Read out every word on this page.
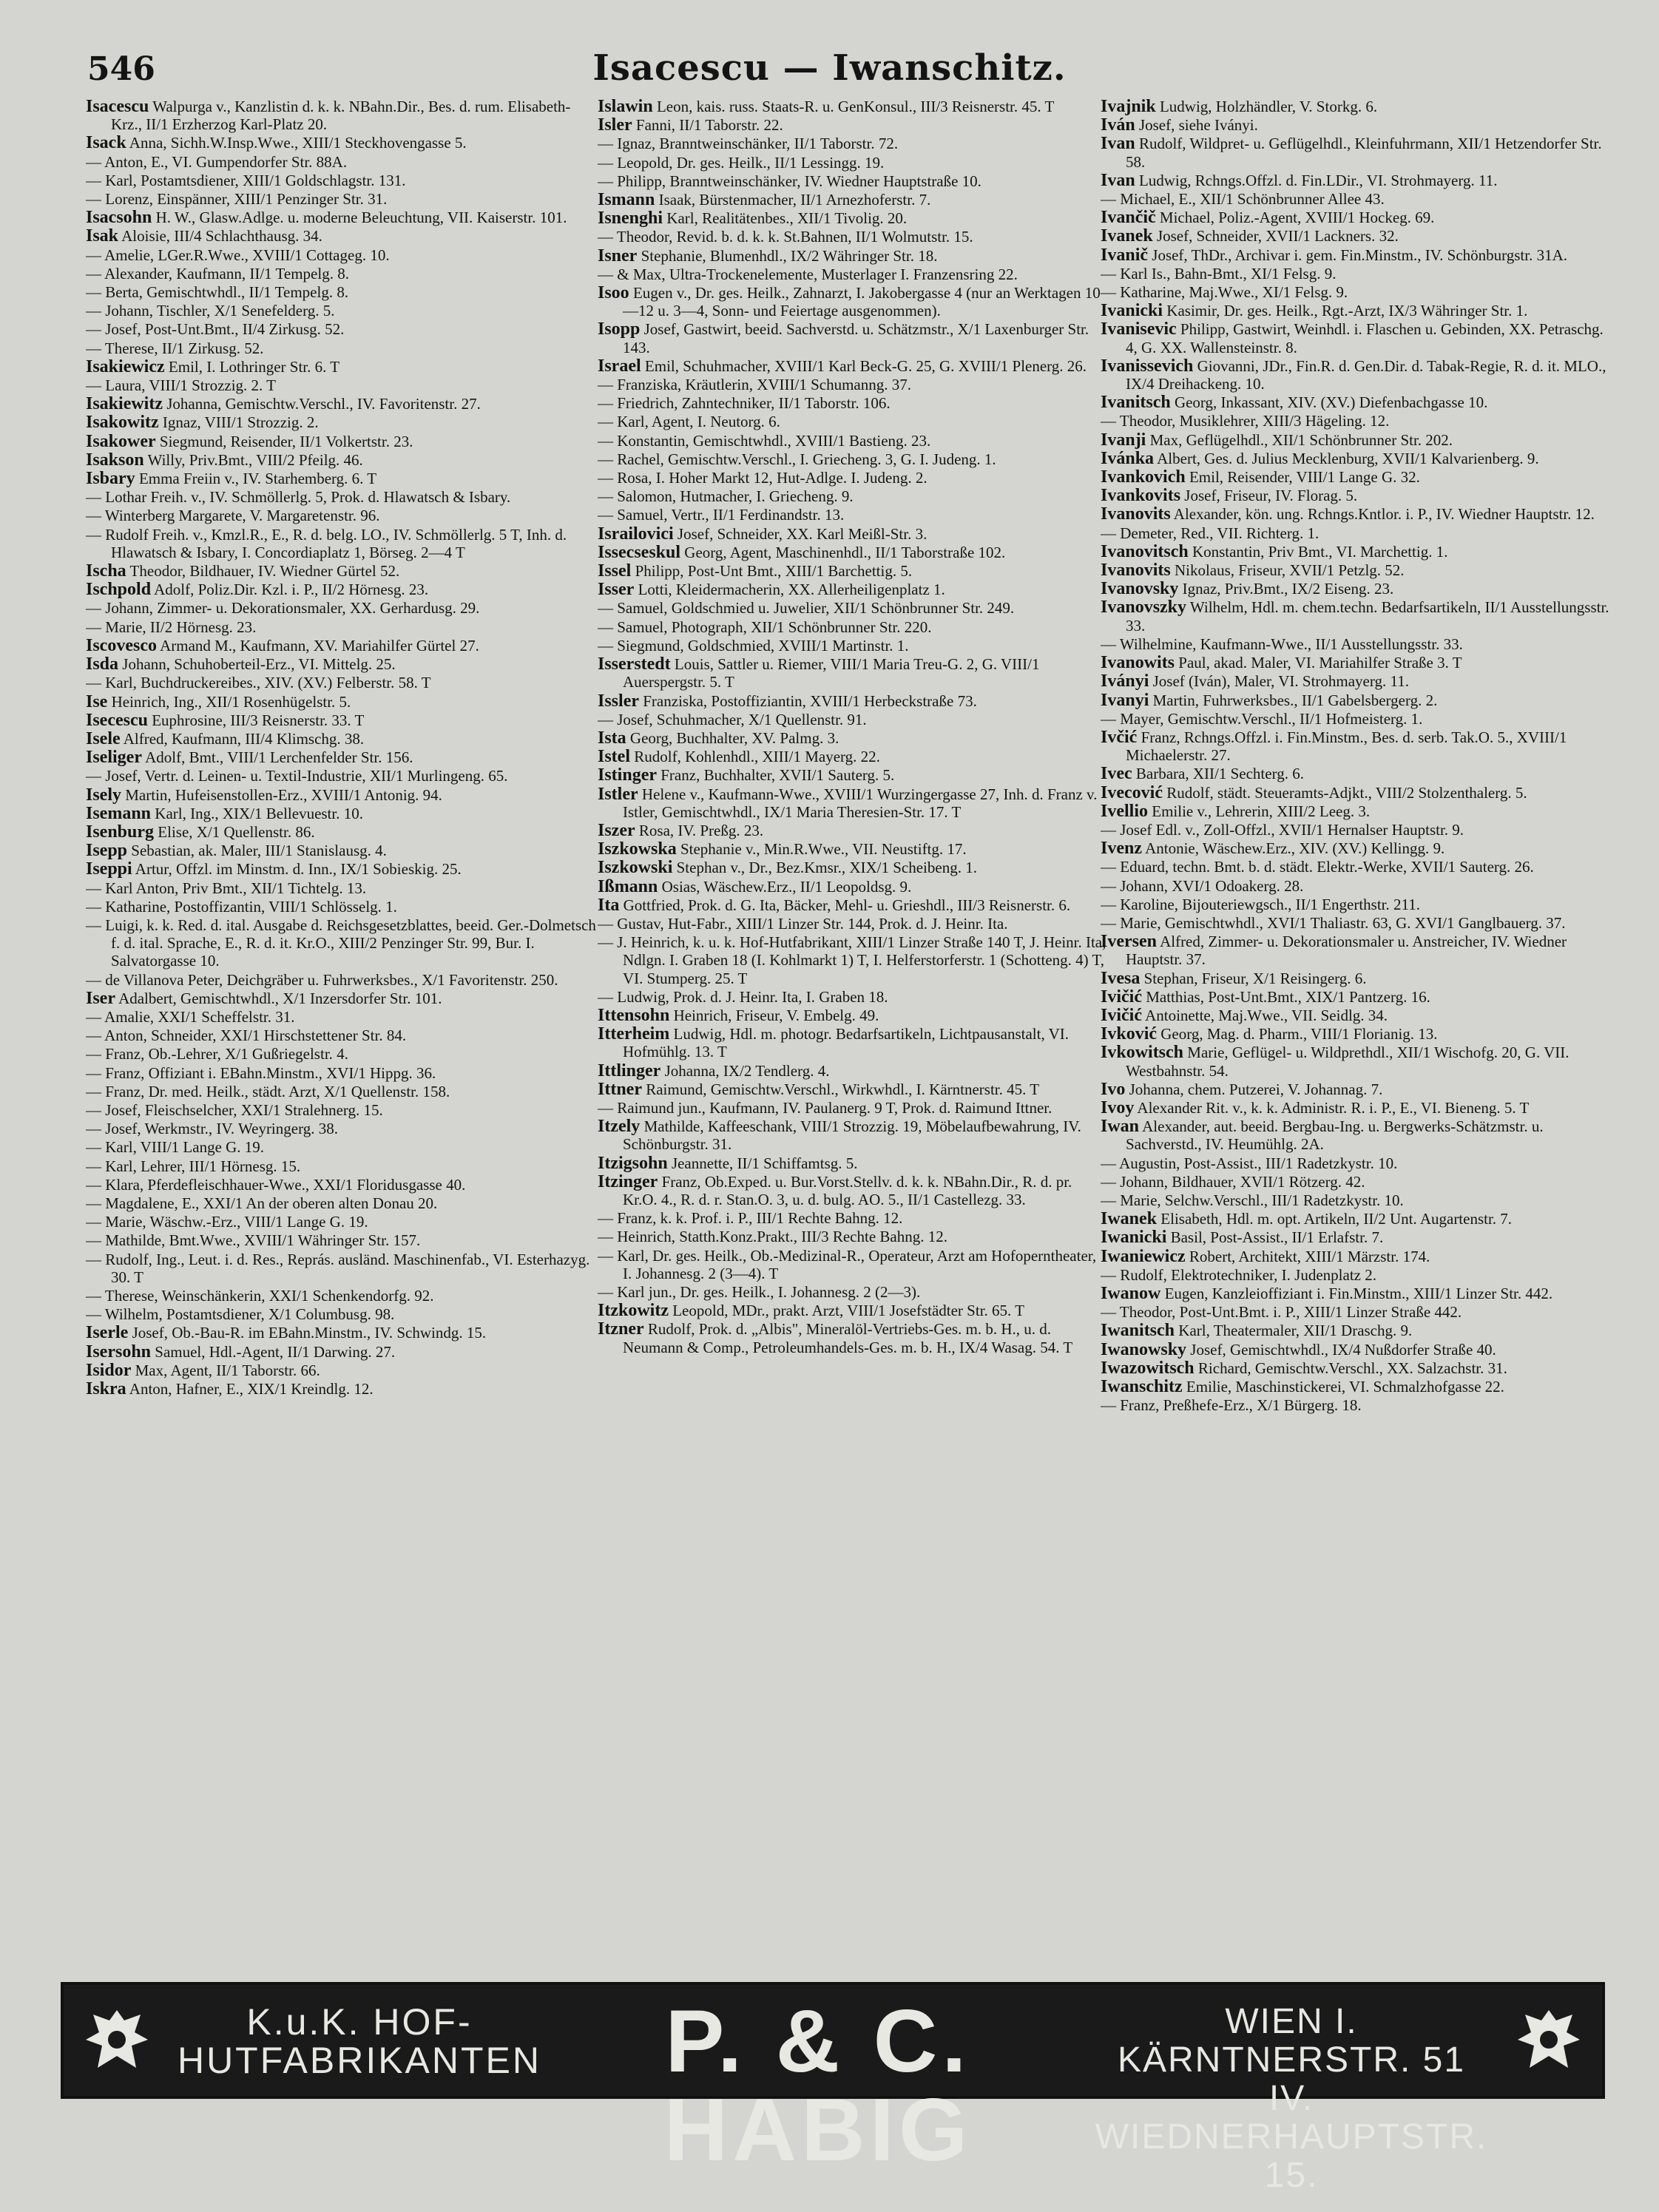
546	Isacescu — Iwanschitz.
Isacescu Walpurga v., Kanzlistin d. k. k. NBahn.Dir., Bes. d. rum. Elisabeth-Krz., II/1 Erzherzog Karl-Platz 20.
Isack Anna, Sichh.W.Insp.Wwe., XIII/1 Steckhovengasse 5.
— Anton, E., VI. Gumpendorfer Str. 88A.
— Karl, Postamtsdiener, XIII/1 Goldschlagstr. 131.
— Lorenz, Einspänner, XIII/1 Penzinger Str. 31.
Isacsohn H. W., Glasw.Adlge. u. moderne Beleuchtung, VII. Kaiserstr. 101.
Isak Aloisie, III/4 Schlachthausg. 34.
— Amelie, LGer.R.Wwe., XVIII/1 Cottageg. 10.
— Alexander, Kaufmann, II/1 Tempelg. 8.
— Berta, Gemischtwhdl., II/1 Tempelg. 8.
— Johann, Tischler, X/1 Senefelderg. 5.
— Josef, Post-Unt.Bmt., II/4 Zirkusg. 52.
— Therese, II/1 Zirkusg. 52.
Isakiewicz Emil, I. Lothringer Str. 6. T
— Laura, VIII/1 Strozzig. 2. T
Isakiewitz Johanna, Gemischtw.Verschl., IV. Favoritenstr. 27.
Isakowitz Ignaz, VIII/1 Strozzig. 2.
Isakower Siegmund, Reisender, II/1 Volkertstr. 23.
Isakson Willy, Priv.Bmt., VIII/2 Pfeilg. 46.
Isbary Emma Freiin v., IV. Starhemberg. 6. T
— Lothar Freih. v., IV. Schmöllerlg. 5, Prok. d. Hlawatsch & Isbary.
— Winterberg Margarete, V. Margaretenstr. 96.
— Rudolf Freih. v., Kmzl.R., E., R. d. belg. LO., IV. Schmöllerlg. 5 T, Inh. d. Hlawatsch & Isbary, I. Concordiaplatz 1, Börseg. 2—4 T
Ischa Theodor, Bildhauer, IV. Wiedner Gürtel 52.
Ischpold Adolf, Poliz.Dir. Kzl. i. P., II/2 Hörnesg. 23.
— Johann, Zimmer- u. Dekorationsmaler, XX. Gerhardusg. 29.
— Marie, II/2 Hörnesg. 23.
Iscovesco Armand M., Kaufmann, XV. Mariahilfer Gürtel 27.
Isda Johann, Schuhoberteil-Erz., VI. Mittelg. 25.
— Karl, Buchdruckereibes., XIV. (XV.) Felberstr. 58. T
Ise Heinrich, Ing., XII/1 Rosenhügelstr. 5.
Isecescu Euphrosine, III/3 Reisnerstr. 33. T
Isele Alfred, Kaufmann, III/4 Klimschg. 38.
Iseliger Adolf, Bmt., VIII/1 Lerchenfelder Str. 156.
— Josef, Vertr. d. Leinen- u. Textil-Industrie, XII/1 Murlingeng. 65.
Isely Martin, Hufeisenstollen-Erz., XVIII/1 Antonig. 94.
Isemann Karl, Ing., XIX/1 Bellevuestr. 10.
Isenburg Elise, X/1 Quellenstr. 86.
Isepp Sebastian, ak. Maler, III/1 Stanislausg. 4.
Iseppi Artur, Offzl. im Minstm. d. Inn., IX/1 Sobieskig. 25.
— Karl Anton, Priv Bmt., XII/1 Tichtelg. 13.
— Katharine, Postoffizantin, VIII/1 Schlösselg. 1.
— Luigi, k. k. Red. d. ital. Ausgabe d. Reichsgesetzblattes, beeid. Ger.-Dolmetsch f. d. ital. Sprache, E., R. d. it. Kr.O., XIII/2 Penzinger Str. 99, Bur. I. Salvatorgasse 10.
— de Villanova Peter, Deichgräber u. Fuhrwerksbes., X/1 Favoritenstr. 250.
Iser Adalbert, Gemischtwhdl., X/1 Inzersdorfer Str. 101.
— Amalie, XXI/1 Scheffelstr. 31.
— Anton, Schneider, XXI/1 Hirschstettener Str. 84.
— Franz, Ob.-Lehrer, X/1 Gußriegelstr. 4.
— Franz, Offiziant i. EBahn.Minstm., XVI/1 Hippg. 36.
— Franz, Dr. med. Heilk., städt. Arzt, X/1 Quellenstr. 158.
— Josef, Fleischselcher, XXI/1 Stralehnerg. 15.
— Josef, Werkmstr., IV. Weyringerg. 38.
— Karl, VIII/1 Lange G. 19.
— Karl, Lehrer, III/1 Hörnesg. 15.
— Klara, Pferdefleischhauer-Wwe., XXI/1 Floridusgasse 40.
— Magdalene, E., XXI/1 An der oberen alten Donau 20.
— Marie, Wäschw.-Erz., VIII/1 Lange G. 19.
— Mathilde, Bmt.Wwe., XVIII/1 Währinger Str. 157.
— Rudolf, Ing., Leut. i. d. Res., Reprás. ausländ. Maschinenfab., VI. Esterhazyg. 30. T
— Therese, Weinschänkerin, XXI/1 Schenkendorfg. 92.
— Wilhelm, Postamtsdiener, X/1 Columbusg. 98.
Iserle Josef, Ob.-Bau-R. im EBahn.Minstm., IV. Schwindg. 15.
Isersohn Samuel, Hdl.-Agent, II/1 Darwing. 27.
Isidor Max, Agent, II/1 Taborstr. 66.
Iskra Anton, Hafner, E., XIX/1 Kreindlg. 12.
Islawin Leon, kais. russ. Staats-R. u. GenKonsul., III/3 Reisnerstr. 45. T
Isler Fanni, II/1 Taborstr. 22.
— Ignaz, Branntweinschänker, II/1 Taborstr. 72.
— Leopold, Dr. ges. Heilk., II/1 Lessingg. 19.
— Philipp, Branntweinschänker, IV. Wiedner Hauptstraße 10.
Ismann Isaak, Bürstenmacher, II/1 Arnezhoferstr. 7.
Isnenghi Karl, Realitätenbes., XII/1 Tivolig. 20.
— Theodor, Revid. b. d. k. k. St.Bahnen, II/1 Wolmutstr. 15.
Isner Stephanie, Blumenhdl., IX/2 Währinger Str. 18.
— & Max, Ultra-Trockenelemente, Musterlager I. Franzensring 22.
Isoo Eugen v., Dr. ges. Heilk., Zahnarzt, I. Jakobergasse 4 (nur an Werktagen 10—12 u. 3—4, Sonn- und Feiertage ausgenommen).
Isopp Josef, Gastwirt, beeid. Sachverstd. u. Schätzmstr., X/1 Laxenburger Str. 143.
Israel Emil, Schuhmacher, XVIII/1 Karl Beck-G. 25, G. XVIII/1 Plenerg. 26.
— Franziska, Kräutlerin, XVIII/1 Schumanng. 37.
— Friedrich, Zahntechniker, II/1 Taborstr. 106.
— Karl, Agent, I. Neutorg. 6.
— Konstantin, Gemischtwhdl., XVIII/1 Bastieng. 23.
— Rachel, Gemischtw.Verschl., I. Griecheng. 3, G. I. Judeng. 1.
— Rosa, I. Hoher Markt 12, Hut-Adlge. I. Judeng. 2.
— Salomon, Hutmacher, I. Griecheng. 9.
— Samuel, Vertr., II/1 Ferdinandstr. 13.
Israilovici Josef, Schneider, XX. Karl Meißl-Str. 3.
Issecseskul Georg, Agent, Maschinenhdl., II/1 Taborstraße 102.
Issel Philipp, Post-Unt Bmt., XIII/1 Barchettig. 5.
Isser Lotti, Kleidermacherin, XX. Allerheiligenplatz 1.
— Samuel, Goldschmied u. Juwelier, XII/1 Schönbrunner Str. 249.
— Samuel, Photograph, XII/1 Schönbrunner Str. 220.
— Siegmund, Goldschmied, XVIII/1 Martinstr. 1.
Isserstedt Louis, Sattler u. Riemer, VIII/1 Maria Treu-G. 2, G. VIII/1 Auerspergstr. 5. T
Issler Franziska, Postoffiziantin, XVIII/1 Herbeckstraße 73.
— Josef, Schuhmacher, X/1 Quellenstr. 91.
Ista Georg, Buchhalter, XV. Palmg. 3.
Istel Rudolf, Kohlenhdl., XIII/1 Mayerg. 22.
Istinger Franz, Buchhalter, XVII/1 Sauterg. 5.
Istler Helene v., Kaufmann-Wwe., XVIII/1 Wurzingergasse 27, Inh. d. Franz v. Istler, Gemischtwhdl., IX/1 Maria Theresien-Str. 17. T
Iszer Rosa, IV. Preßg. 23.
Iszkowska Stephanie v., Min.R.Wwe., VII. Neustiftg. 17.
Iszkowski Stephan v., Dr., Bez.Kmsr., XIX/1 Scheibeng. 1.
Ißmann Osias, Wäschew.Erz., II/1 Leopoldsg. 9.
Ita Gottfried, Prok. d. G. Ita, Bäcker, Mehl- u. Grieshdl., III/3 Reisnerstr. 6.
— Gustav, Hut-Fabr., XIII/1 Linzer Str. 144, Prok. d. J. Heinr. Ita.
— J. Heinrich, k. u. k. Hof-Hutfabrikant, XIII/1 Linzer Straße 140 T, J. Heinr. Ita, Ndlgn. I. Graben 18 (I. Kohlmarkt 1) T, I. Helferstorferstr. 1 (Schotteng. 4) T, VI. Stumperg. 25. T
— Ludwig, Prok. d. J. Heinr. Ita, I. Graben 18.
Ittensohn Heinrich, Friseur, V. Embelg. 49.
Itterheim Ludwig, Hdl. m. photogr. Bedarfsartikeln, Lichtpausanstalt, VI. Hofmühlg. 13. T
Ittlinger Johanna, IX/2 Tendlerg. 4.
Ittner Raimund, Gemischtw.Verschl., Wirkwhdl., I. Kärntnerstr. 45. T
— Raimund jun., Kaufmann, IV. Paulanerg. 9 T, Prok. d. Raimund Ittner.
Itzely Mathilde, Kaffeeschank, VIII/1 Strozzig. 19, Möbelaufbewahrung, IV. Schönburgstr. 31.
Itzigsohn Jeannette, II/1 Schiffamtsg. 5.
Itzinger Franz, Ob.Exped. u. Bur.Vorst.Stellv. d. k. k. NBahn.Dir., R. d. pr. Kr.O. 4., R. d. r. Stan.O. 3, u. d. bulg. AO. 5., II/1 Castellezg. 33.
— Franz, k. k. Prof. i. P., III/1 Rechte Bahng. 12.
— Heinrich, Statth.Konz.Prakt., III/3 Rechte Bahng. 12.
— Karl, Dr. ges. Heilk., Ob.-Medizinal-R., Operateur, Arzt am Hofoperntheater, I. Johannesg. 2 (3—4). T
— Karl jun., Dr. ges. Heilk., I. Johannesg. 2 (2—3).
Itzkowitz Leopold, MDr., prakt. Arzt, VIII/1 Josefstädter Str. 65. T
Itzner Rudolf, Prok. d. „Albis", Mineralöl-Vertriebs-Ges. m. b. H., u. d. Neumann & Comp., Petroleumhandels-Ges. m. b. H., IX/4 Wasag. 54. T
Ivajnik Ludwig, Holzhändler, V. Storkg. 6.
Iván Josef, siehe Iványi.
Ivan Rudolf, Wildpret- u. Geflügelhdl., Kleinfuhrmann, XII/1 Hetzendorfer Str. 58.
Ivan Ludwig, Rchngs.Offzl. d. Fin.LDir., VI. Strohmayerg. 11.
— Michael, E., XII/1 Schönbrunner Allee 43.
Ivančič Michael, Poliz.-Agent, XVIII/1 Hockeg. 69.
Ivanek Josef, Schneider, XVII/1 Lackners. 32.
Ivanič Josef, ThDr., Archivar i. gem. Fin.Minstm., IV. Schönburgstr. 31A.
— Karl Is., Bahn-Bmt., XI/1 Felsg. 9.
— Katharine, Maj.Wwe., XI/1 Felsg. 9.
Ivanicki Kasimir, Dr. ges. Heilk., Rgt.-Arzt, IX/3 Währinger Str. 1.
Ivanisevic Philipp, Gastwirt, Weinhdl. i. Flaschen u. Gebinden, XX. Petraschg. 4, G. XX. Wallensteinstr. 8.
Ivanissevich Giovanni, JDr., Fin.R. d. Gen.Dir. d. Tabak-Regie, R. d. it. MLO., IX/4 Dreihackeng. 10.
Ivanitsch Georg, Inkassant, XIV. (XV.) Diefenbachgasse 10.
— Theodor, Musiklehrer, XIII/3 Hägeling. 12.
Ivanji Max, Geflügelhdl., XII/1 Schönbrunner Str. 202.
Ivánka Albert, Ges. d. Julius Mecklenburg, XVII/1 Kalvarienberg. 9.
Ivankovich Emil, Reisender, VIII/1 Lange G. 32.
Ivankovits Josef, Friseur, IV. Florag. 5.
Ivanovits Alexander, kön. ung. Rchngs.Kntlor. i. P., IV. Wiedner Hauptstr. 12.
— Demeter, Red., VII. Richterg. 1.
Ivanovitsch Konstantin, Priv Bmt., VI. Marchettig. 1.
Ivanovits Nikolaus, Friseur, XVII/1 Petzlg. 52.
Ivanovsky Ignaz, Priv.Bmt., IX/2 Eiseng. 23.
Ivanovszky Wilhelm, Hdl. m. chem.techn. Bedarfsartikeln, II/1 Ausstellungsstr. 33.
— Wilhelmine, Kaufmann-Wwe., II/1 Ausstellungsstr. 33.
Ivanowits Paul, akad. Maler, VI. Mariahilfer Straße 3. T
Iványi Josef (Iván), Maler, VI. Strohmayerg. 11.
Ivanyi Martin, Fuhrwerksbes., II/1 Gabelsbergerg. 2.
— Mayer, Gemischtw.Verschl., II/1 Hofmeisterg. 1.
Ivčić Franz, Rchngs.Offzl. i. Fin.Minstm., Bes. d. serb. Tak.O. 5., XVIII/1 Michaelerstr. 27.
Ivec Barbara, XII/1 Sechterg. 6.
Ivecović Rudolf, städt. Steueramts-Adjkt., VIII/2 Stolzenthalerg. 5.
Ivellio Emilie v., Lehrerin, XIII/2 Leeg. 3.
— Josef Edl. v., Zoll-Offzl., XVII/1 Hernalser Hauptstr. 9.
Ivenz Antonie, Wäschew.Erz., XIV. (XV.) Kellingg. 9.
— Eduard, techn. Bmt. b. d. städt. Elektr.-Werke, XVII/1 Sauterg. 26.
— Johann, XVI/1 Odoakerg. 28.
— Karoline, Bijouteriewgsch., II/1 Engerthstr. 211.
— Marie, Gemischtwhdl., XVI/1 Thaliastr. 63, G. XVI/1 Ganglbauerg. 37.
Iversen Alfred, Zimmer- u. Dekorationsmaler u. Anstreicher, IV. Wiedner Hauptstr. 37.
Ivesa Stephan, Friseur, X/1 Reisingerg. 6.
Ivičić Matthias, Post-Unt.Bmt., XIX/1 Pantzerg. 16.
Ivičić Antoinette, Maj.Wwe., VII. Seidlg. 34.
Ivković Georg, Mag. d. Pharm., VIII/1 Florianig. 13.
Ivkowitsch Marie, Geflügel- u. Wildprethdl., XII/1 Wischofg. 20, G. VII. Westbahnstr. 54.
Ivo Johanna, chem. Putzerei, V. Johannag. 7.
Ivoy Alexander Rit. v., k. k. Administr. R. i. P., E., VI. Bieneng. 5. T
Iwan Alexander, aut. beeid. Bergbau-Ing. u. Bergwerks-Schätzmstr. u. Sachverstd., IV. Heumühlg. 2A.
— Augustin, Post-Assist., III/1 Radetzkystr. 10.
— Johann, Bildhauer, XVII/1 Rötzerg. 42.
— Marie, Selchw.Verschl., III/1 Radetzkystr. 10.
Iwanek Elisabeth, Hdl. m. opt. Artikeln, II/2 Unt. Augartenstr. 7.
Iwanicki Basil, Post-Assist., II/1 Erlafstr. 7.
Iwaniewicz Robert, Architekt, XIII/1 Märzstr. 174.
— Rudolf, Elektrotechniker, I. Judenplatz 2.
Iwanow Eugen, Kanzleioffiziant i. Fin.Minstm., XIII/1 Linzer Str. 442.
— Theodor, Post-Unt.Bmt. i. P., XIII/1 Linzer Straße 442.
Iwanitsch Karl, Theatermaler, XII/1 Draschg. 9.
Iwanowsky Josef, Gemischtwhdl., IX/4 Nußdorfer Straße 40.
Iwazowitsch Richard, Gemischtw.Verschl., XX. Salzachstr. 31.
Iwanschitz Emilie, Maschinstickerei, VI. Schmalzhofgasse 22.
— Franz, Preßhefe-Erz., X/1 Bürgerg. 18.
K.u.K. HOF-
HUTFABRIKANTEN	P. & C. HABIG
WIEN I. KÄRNTNERSTR. 51
IV. WIEDNERHAUPTSTR. 15.
